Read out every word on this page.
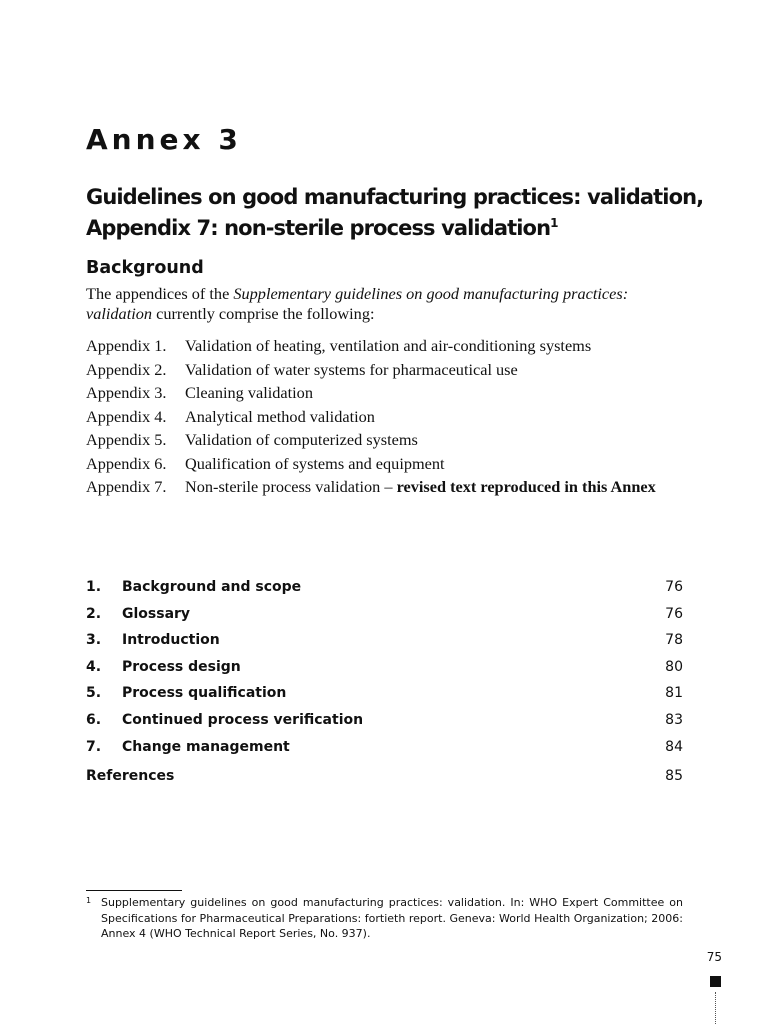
Annex 3
Guidelines on good manufacturing practices: validation,
Appendix 7: non-sterile process validation$^1$
Background

The appendices of the Supplementary guidelines on good manufacturing practices: validation currently comprise the following:

Appendix 1.	Validation of heating, ventilation and air-conditioning systems
Appendix 2.	Validation of water systems for pharmaceutical use
Appendix 3.	Cleaning validation
Appendix 4.	Analytical method validation
Appendix 5.	Validation of computerized systems
Appendix 6.	Qualification of systems and equipment
Appendix 7.	Non-sterile process validation – revised text reproduced in this Annex
1.	Background and scope	76
2.	Glossary	76
3.	Introduction	78
4.	Process design	80
5.	Process qualification	81
6.	Continued process verification	83
7.	Change management	84
References	85
1 Supplementary guidelines on good manufacturing practices: validation. In: WHO Expert Committee on Specifications for Pharmaceutical Preparations: fortieth report. Geneva: World Health Organization; 2006: Annex 4 (WHO Technical Report Series, No. 937).
75
